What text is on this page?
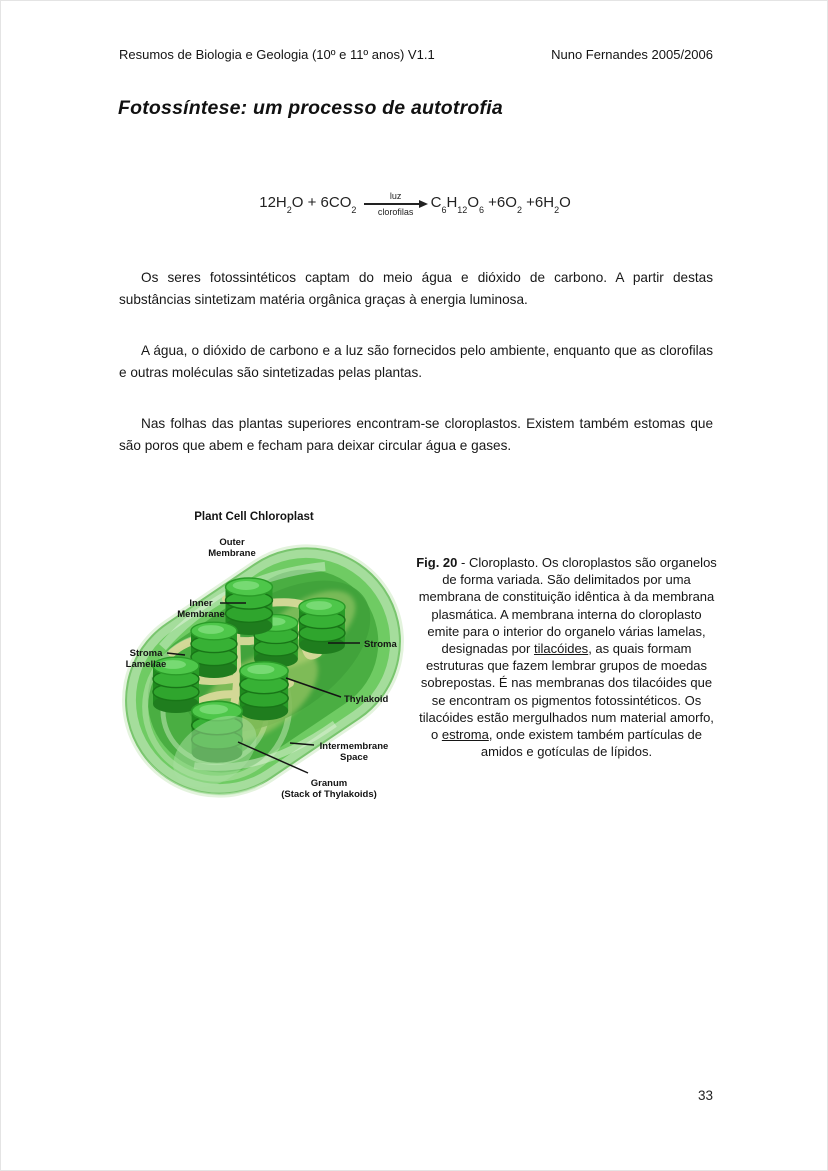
Resumos de Biologia e Geologia (10º e 11º anos) V1.1	Nuno Fernandes 2005/2006
Fotossíntese: um processo de autotrofia
$12H_2O + 6CO_2$
luz
clorofilas
$C_6H_{12}O_6 +6O_2 +6H_2O$

Os seres fotossintéticos captam do meio água e dióxido de carbono. A partir destas substâncias sintetizam matéria orgânica graças à energia luminosa.

A água, o dióxido de carbono e a luz são fornecidos pelo ambiente, enquanto que as clorofilas e outras moléculas são sintetizadas pelas plantas.

Nas folhas das plantas superiores encontram-se cloroplastos. Existem também estomas que são poros que abem e fecham para deixar circular água e gases.

Plant Cell Chloroplast
Outer
Membrane
Inner
Membrane
Stroma
Lamellae
Stroma
Thylakoid
Intermembrane
Space
Granum
(Stack of Thylakoids)
Fig. 20 - Cloroplasto. Os cloroplastos são organelos de forma variada. São delimitados por uma membrana de constituição idêntica à da membrana plasmática. A membrana interna do cloroplasto emite para o interior do organelo várias lamelas, designadas por tilacóides, as quais formam estruturas que fazem lembrar grupos de moedas sobrepostas. É nas membranas dos tilacóides que se encontram os pigmentos fotossintéticos. Os tilacóides estão mergulhados num material amorfo, o estroma, onde existem também partículas de amidos e gotículas de lípidos.
33
